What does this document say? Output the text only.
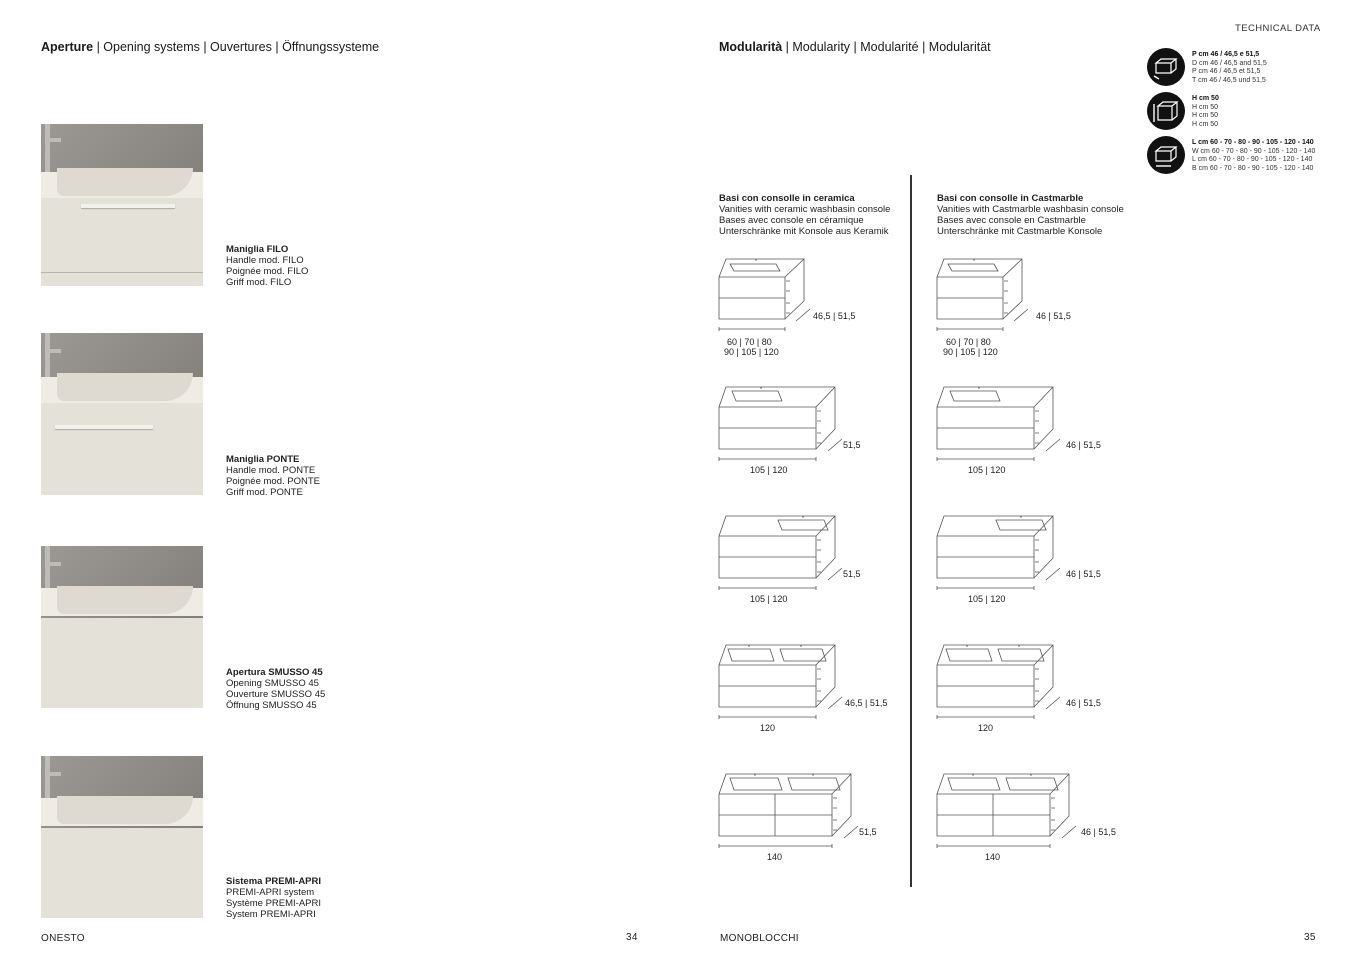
Aperture | Opening systems | Ouvertures | Öffnungssysteme
Maniglia FILO
Handle mod. FILO
Poignée mod. FILO
Griff mod. FILO
Maniglia PONTE
Handle mod. PONTE
Poignée mod. PONTE
Griff mod. PONTE
Apertura SMUSSO 45
Opening SMUSSO 45
Ouverture SMUSSO 45
Öffnung SMUSSO 45
Sistema PREMI-APRI
PREMI-APRI system
Système PREMI-APRI
System PREMI-APRI
ONESTO	34
TECHNICAL DATA
Modularità | Modularity | Modularité | Modularität
P cm 46 / 46,5 e 51,5
D cm 46 / 46,5 and 51,5
P cm 46 / 46,5 et 51,5
T cm 46 / 46,5 und 51,5
H cm 50
H cm 50
H cm 50
H cm 50
L cm 60 - 70 - 80 - 90 - 105 - 120 - 140
W cm 60 - 70 - 80 - 90 - 105 - 120 - 140
L cm 60 - 70 - 80 - 90 - 105 - 120 - 140
B cm 60 - 70 - 80 - 90 - 105 - 120 - 140
Basi con consolle in ceramica
Vanities with ceramic washbasin console
Bases avec console en céramique
Unterschränke mit Konsole aus Keramik
Basi con consolle in Castmarble
Vanities with Castmarble washbasin console
Bases avec console en Castmarble
Unterschränke mit Castmarble Konsole
46,5 | 51,5
60 | 70 | 80
90 | 105 | 120
51,5
105 | 120
51,5
105 | 120
46,5 | 51,5
120
51,5
140
46 | 51,5
60 | 70 | 80
90 | 105 | 120
46 | 51,5
105 | 120
46 | 51,5
105 | 120
46 | 51,5
120
46 | 51,5
140
MONOBLOCCHI	35
